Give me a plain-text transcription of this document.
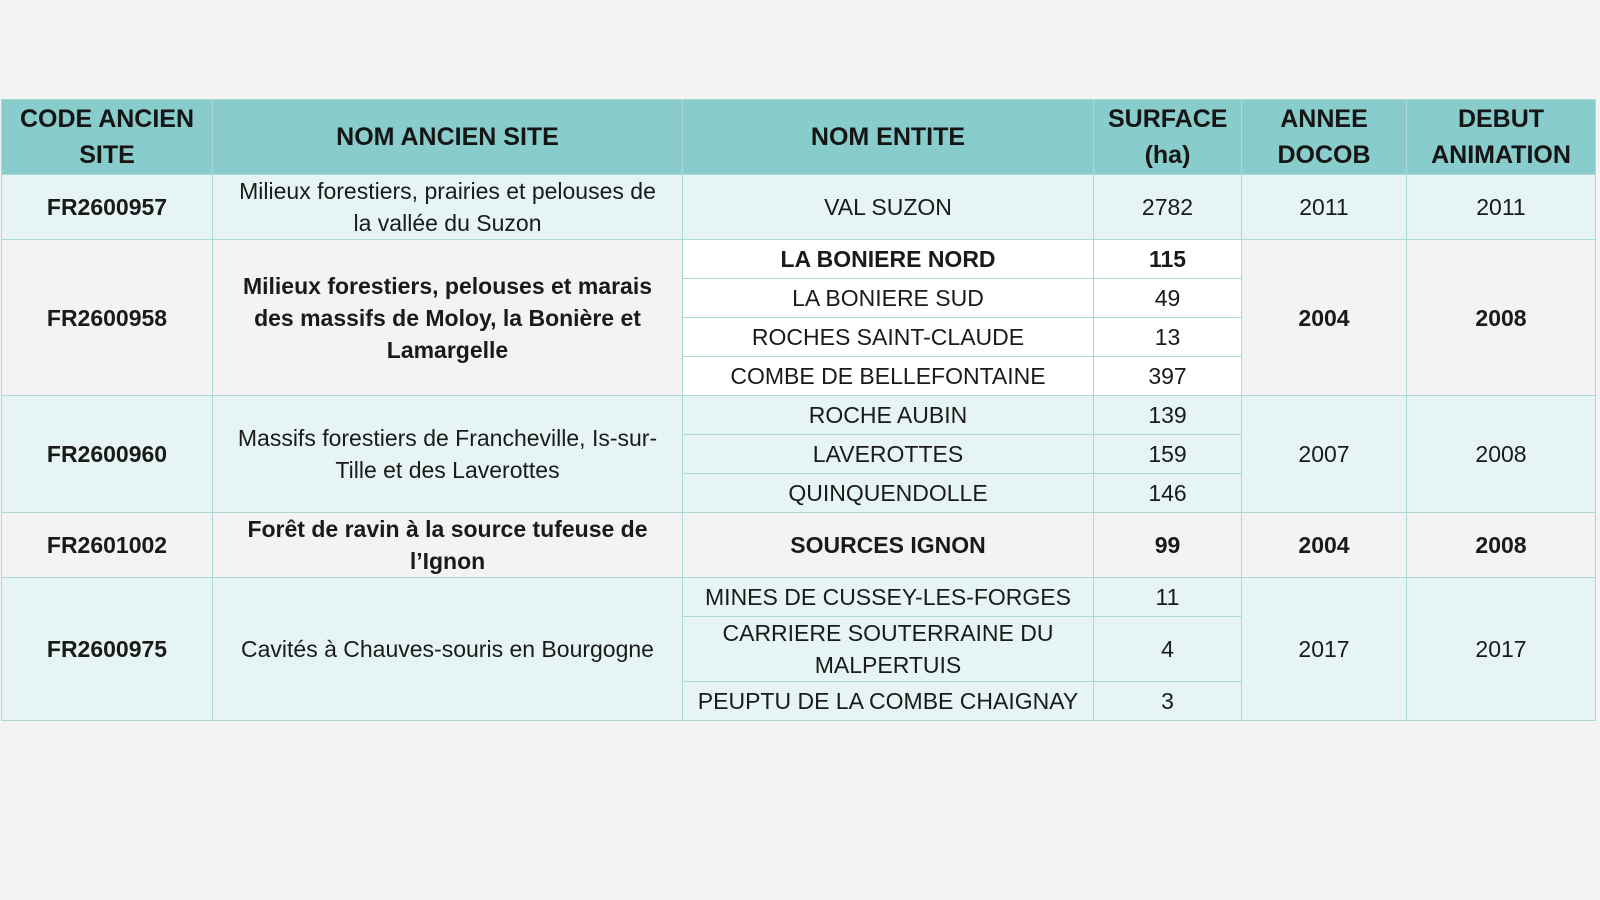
CODE ANCIEN SITE	NOM ANCIEN SITE	NOM ENTITE	SURFACE (ha)	ANNEE DOCOB	DEBUT ANIMATION
FR2600957	Milieux forestiers, prairies et pelouses de la vallée du Suzon	VAL SUZON	2782	2011	2011
FR2600958	Milieux forestiers, pelouses et marais des massifs de Moloy, la Bonière et Lamargelle	LA BONIERE NORD	115	2004	2008
		LA BONIERE SUD	49		
		ROCHES SAINT-CLAUDE	13		
		COMBE DE BELLEFONTAINE	397		
FR2600960	Massifs forestiers de Francheville, Is-sur-Tille et des Laverottes	ROCHE AUBIN	139	2007	2008
		LAVEROTTES	159		
		QUINQUENDOLLE	146		
FR2601002	Forêt de ravin à la source tufeuse de l’Ignon	SOURCES IGNON	99	2004	2008
FR2600975	Cavités à Chauves-souris en Bourgogne	MINES DE CUSSEY-LES-FORGES	11	2017	2017
		CARRIERE SOUTERRAINE DU MALPERTUIS	4		
		PEUPTU DE LA COMBE CHAIGNAY	3		
